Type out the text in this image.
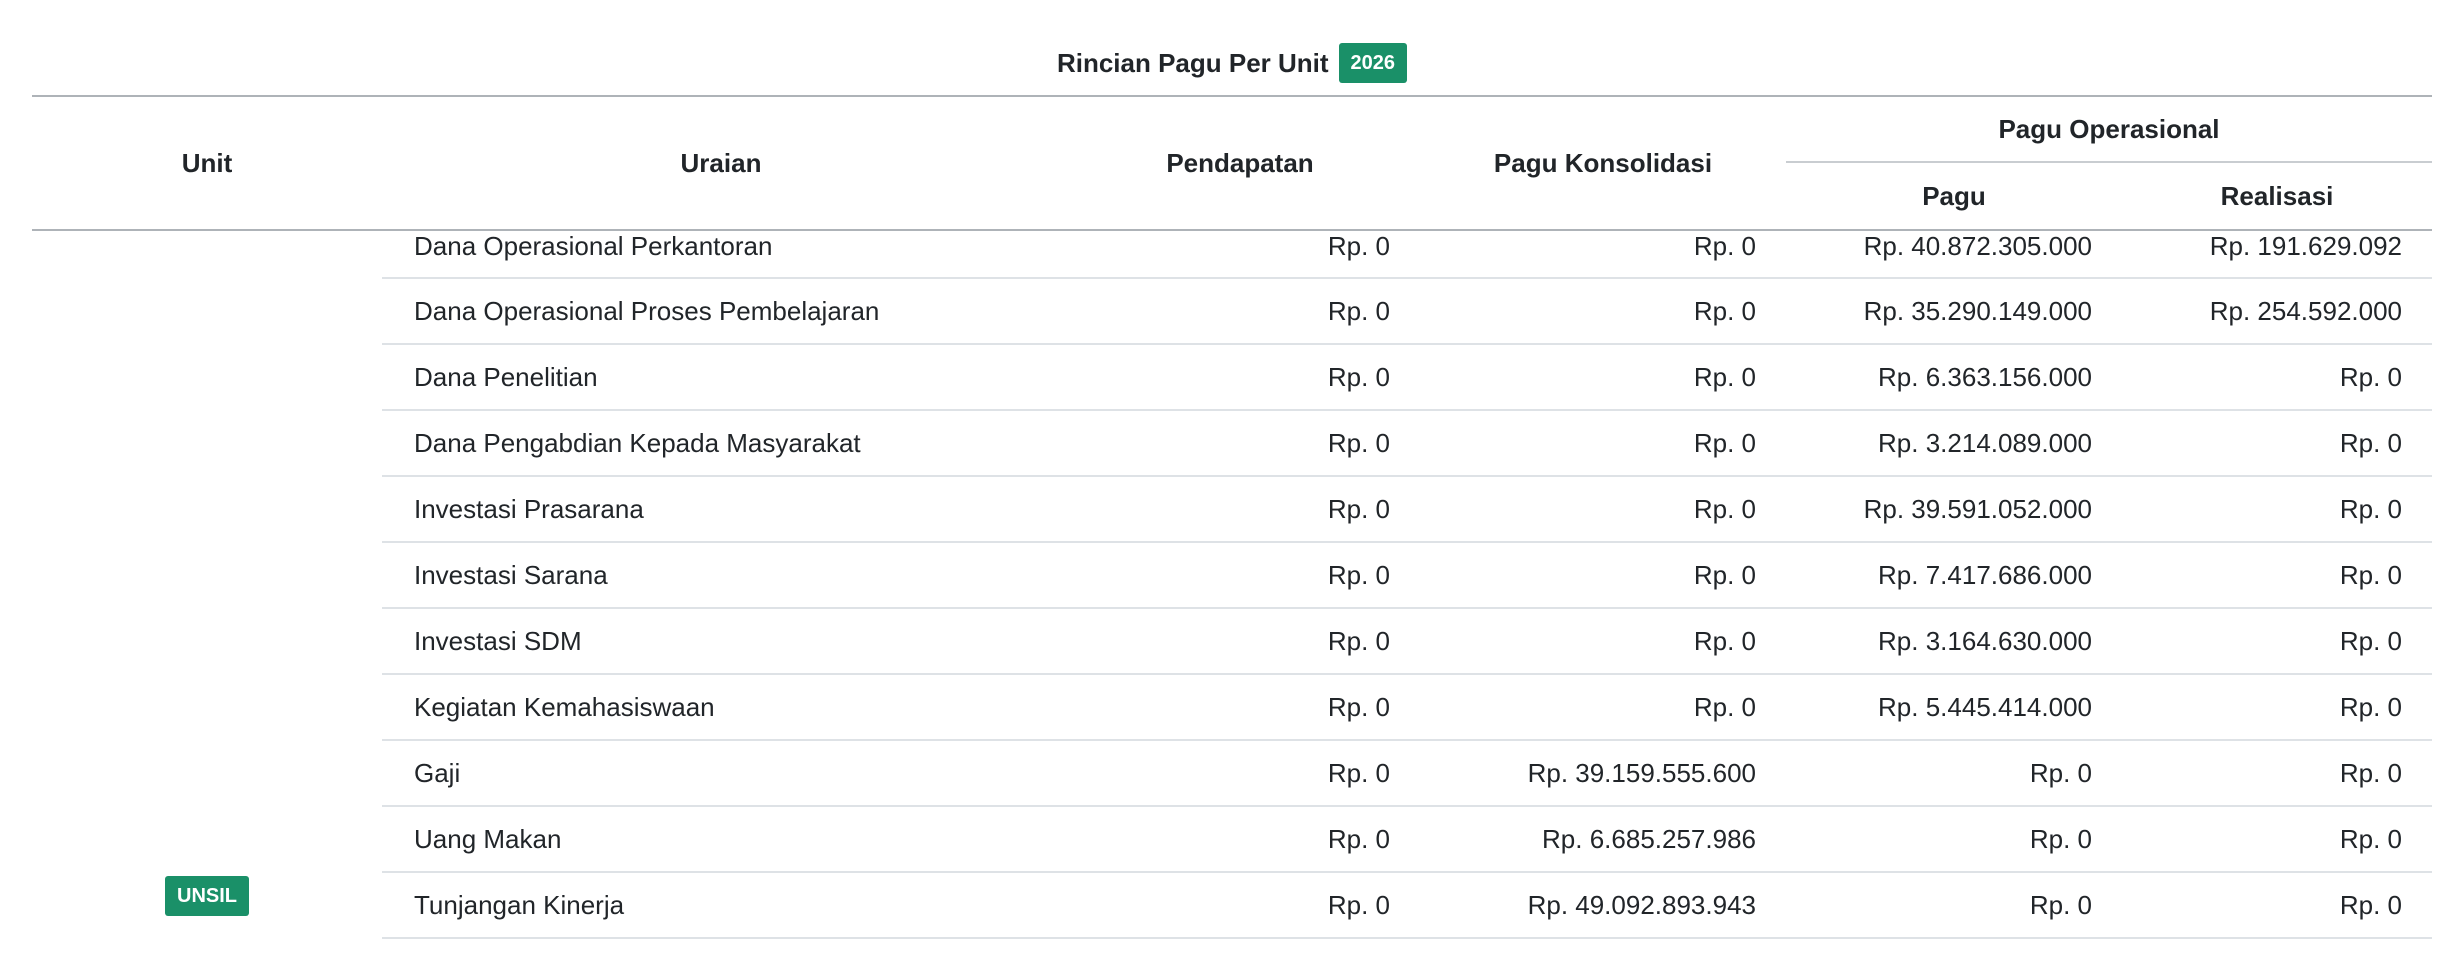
Rincian Pagu Per Unit	2026
Unit	Uraian	Pendapatan	Pagu Konsolidasi	Pagu Operasional	
				Pagu	Realisasi
UNSIL	Dana Operasional Perkantoran	Rp. 0	Rp. 0	Rp. 40.872.305.000	Rp. 191.629.092
	Dana Operasional Proses Pembelajaran	Rp. 0	Rp. 0	Rp. 35.290.149.000	Rp. 254.592.000
	Dana Penelitian	Rp. 0	Rp. 0	Rp. 6.363.156.000	Rp. 0
	Dana Pengabdian Kepada Masyarakat	Rp. 0	Rp. 0	Rp. 3.214.089.000	Rp. 0
	Investasi Prasarana	Rp. 0	Rp. 0	Rp. 39.591.052.000	Rp. 0
	Investasi Sarana	Rp. 0	Rp. 0	Rp. 7.417.686.000	Rp. 0
	Investasi SDM	Rp. 0	Rp. 0	Rp. 3.164.630.000	Rp. 0
	Kegiatan Kemahasiswaan	Rp. 0	Rp. 0	Rp. 5.445.414.000	Rp. 0
	Gaji	Rp. 0	Rp. 39.159.555.600	Rp. 0	Rp. 0
	Uang Makan	Rp. 0	Rp. 6.685.257.986	Rp. 0	Rp. 0
	Tunjangan Kinerja	Rp. 0	Rp. 49.092.893.943	Rp. 0	Rp. 0
